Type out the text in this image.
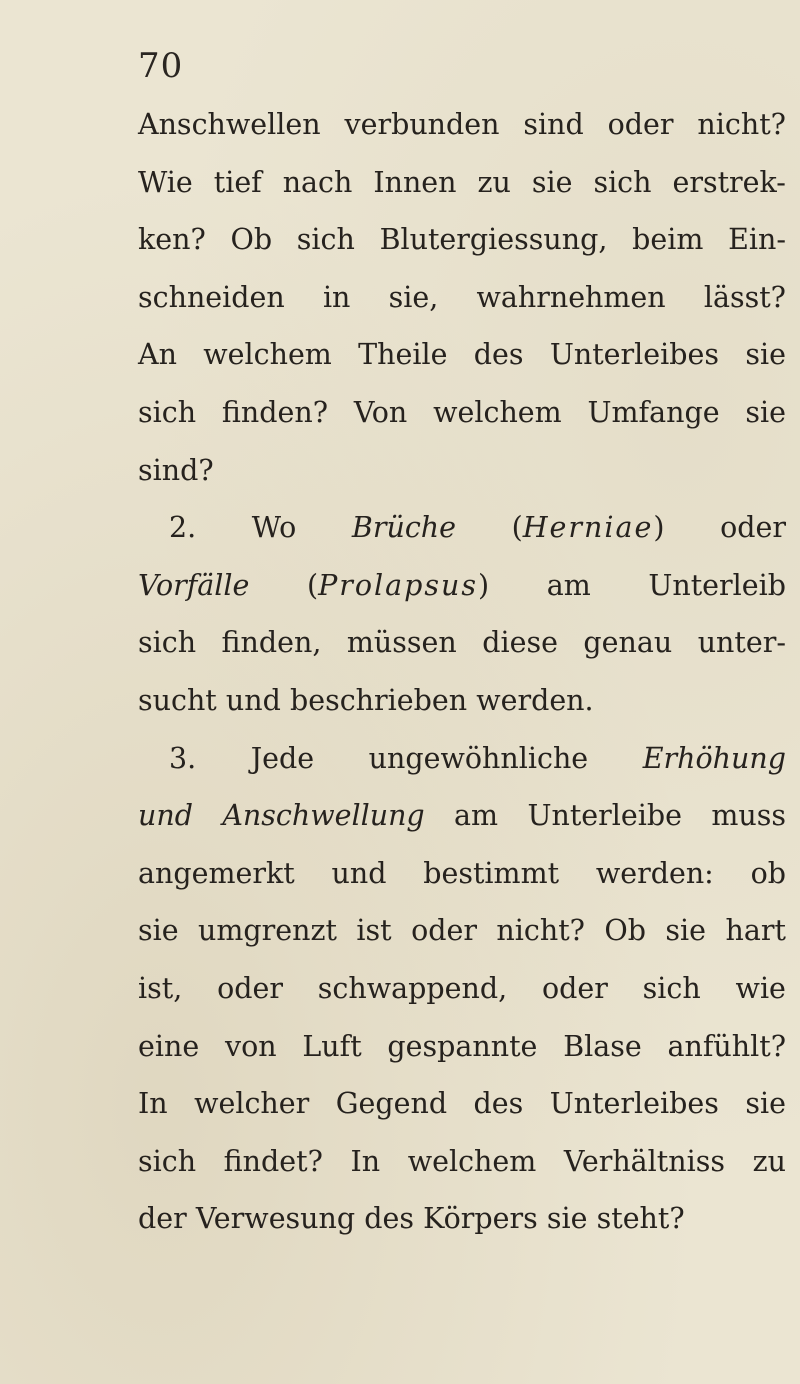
70
Anschwellen verbunden sind oder nicht?
Wie tief nach Innen zu sie sich erstrek-
ken? Ob sich Blutergiessung, beim Ein-
schneiden in sie, wahrnehmen lässt?
An welchem Theile des Unterleibes sie
sich finden? Von welchem Umfange sie
sind?
2. Wo Brüche (Herniae) oder
Vorfälle (Prolapsus) am Unterleib
sich finden, müssen diese genau unter-
sucht und beschrieben werden.
3. Jede ungewöhnliche Erhöhung
und Anschwellung am Unterleibe muss
angemerkt und bestimmt werden: ob
sie umgrenzt ist oder nicht? Ob sie hart
ist, oder schwappend, oder sich wie
eine von Luft gespannte Blase anfühlt?
In welcher Gegend des Unterleibes sie
sich findet? In welchem Verhältniss zu
der Verwesung des Körpers sie steht?
